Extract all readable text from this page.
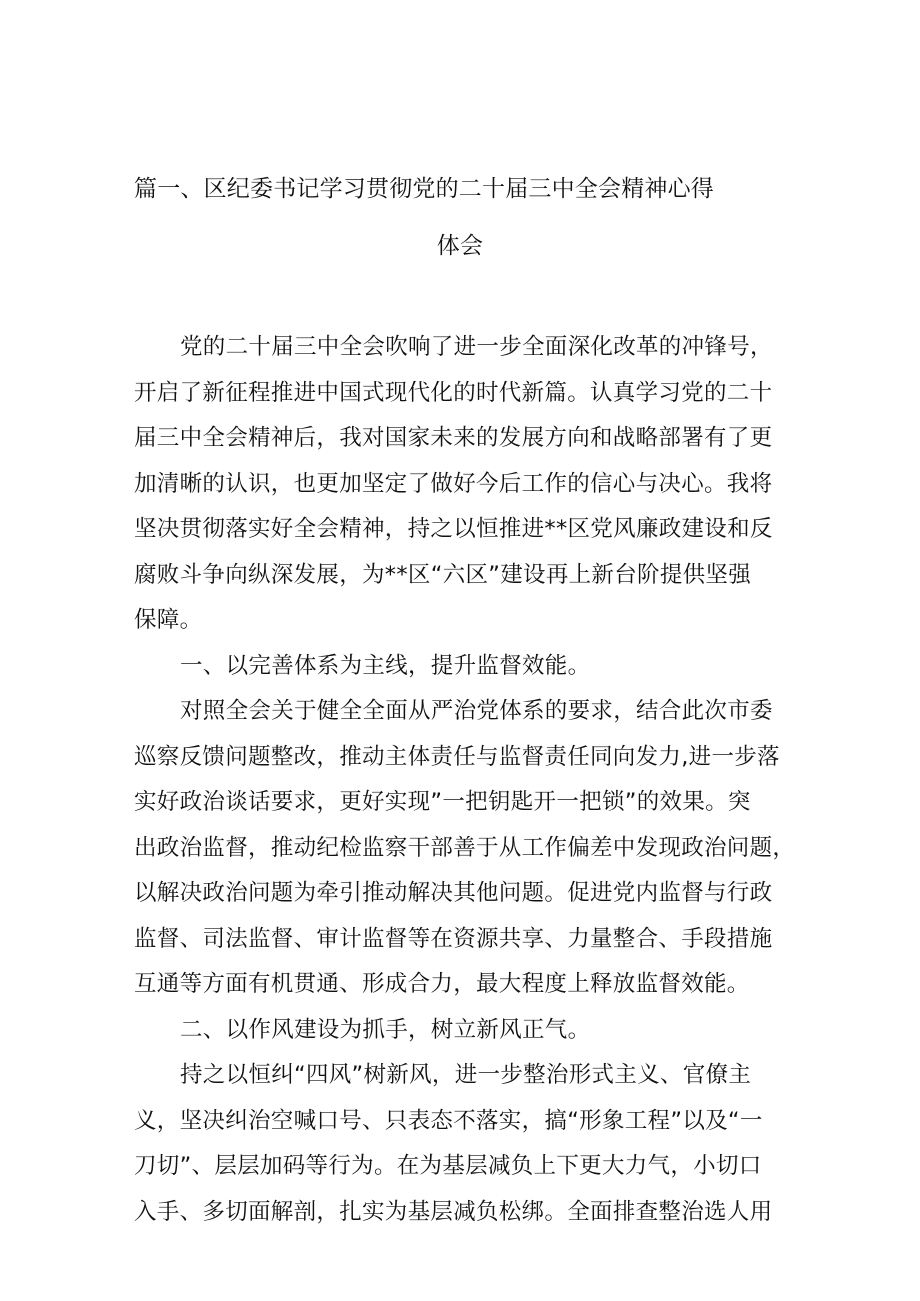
篇一、区纪委书记学习贯彻党的二十届三中全会精神心得
体会
党的二十届三中全会吹响了进一步全面深化改革的冲锋号，
开启了新征程推进中国式现代化的时代新篇。认真学习党的二十
届三中全会精神后，我对国家未来的发展方向和战略部署有了更
加清晰的认识，也更加坚定了做好今后工作的信心与决心。我将
坚决贯彻落实好全会精神，持之以恒推进**区党风廉政建设和反
腐败斗争向纵深发展，为**区“六区”建设再上新台阶提供坚强
保障。
一、以完善体系为主线，提升监督效能。
对照全会关于健全全面从严治党体系的要求，结合此次市委
巡察反馈问题整改，推动主体责任与监督责任同向发力,进一步落
实好政治谈话要求，更好实现”一把钥匙开一把锁”的效果。突
出政治监督，推动纪检监察干部善于从工作偏差中发现政治问题，
以解决政治问题为牵引推动解决其他问题。促进党内监督与行政
监督、司法监督、审计监督等在资源共享、力量整合、手段措施
互通等方面有机贯通、形成合力，最大程度上释放监督效能。
二、以作风建设为抓手，树立新风正气。
持之以恒纠“四风”树新风，进一步整治形式主义、官僚主
义，坚决纠治空喊口号、只表态不落实，搞“形象工程”以及“一
刀切”、层层加码等行为。在为基层减负上下更大力气，小切口
入手、多切面解剖，扎实为基层减负松绑。全面排查整治选人用
